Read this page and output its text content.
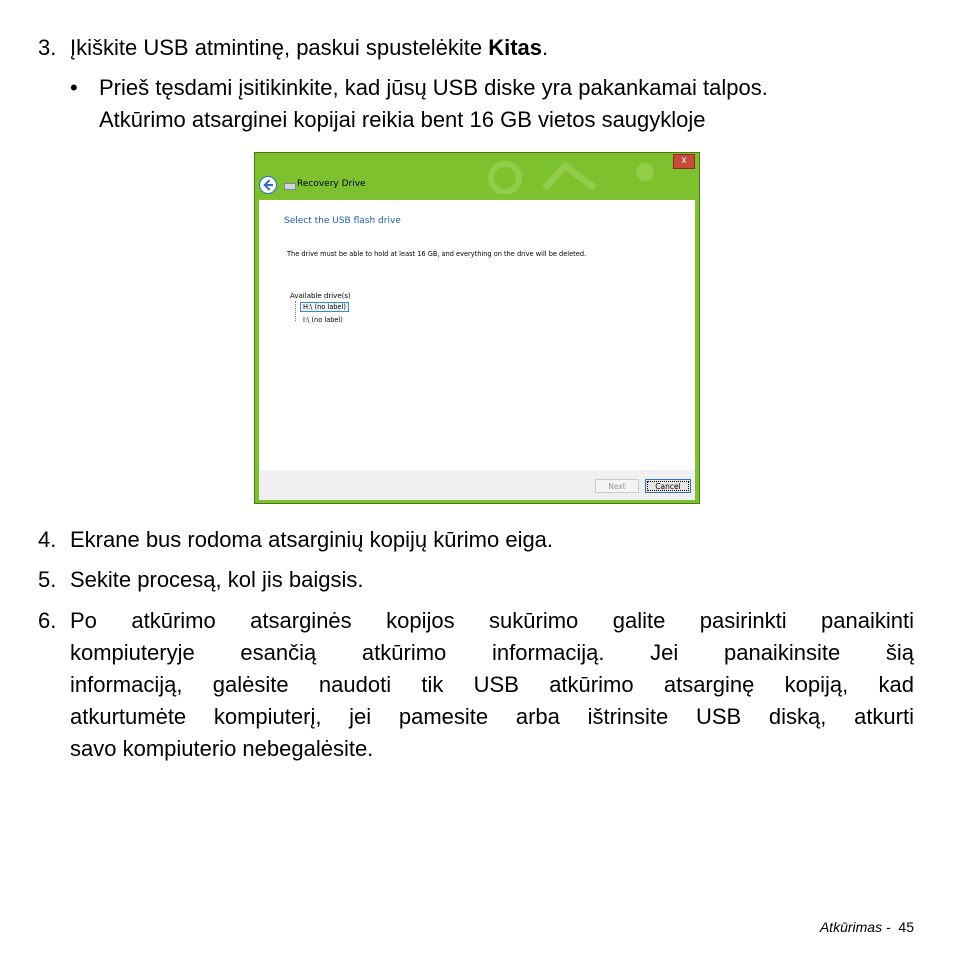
3. Įkiškite USB atmintinę, paskui spustelėkite Kitas.
• Prieš tęsdami įsitikinkite, kad jūsų USB diske yra pakankamai talpos.
Atkūrimo atsarginei kopijai reikia bent 16 GB vietos saugykloje
x
Recovery Drive
Select the USB flash drive
The drive must be able to hold at least 16 GB, and everything on the drive will be deleted.
Available drive(s)
H:\ (no label)
I:\ (no label)
Next	Cancel
4. Ekrane bus rodoma atsarginių kopijų kūrimo eiga.
5. Sekite procesą, kol jis baigsis.
6. Po atkūrimo atsarginės kopijos sukūrimo galite pasirinkti panaikinti
kompiuteryje esančią atkūrimo informaciją. Jei panaikinsite šią
informaciją, galėsite naudoti tik USB atkūrimo atsarginę kopiją, kad
atkurtumėte kompiuterį, jei pamesite arba ištrinsite USB diską, atkurti
savo kompiuterio nebegalėsite.
Atkūrimas - 45
